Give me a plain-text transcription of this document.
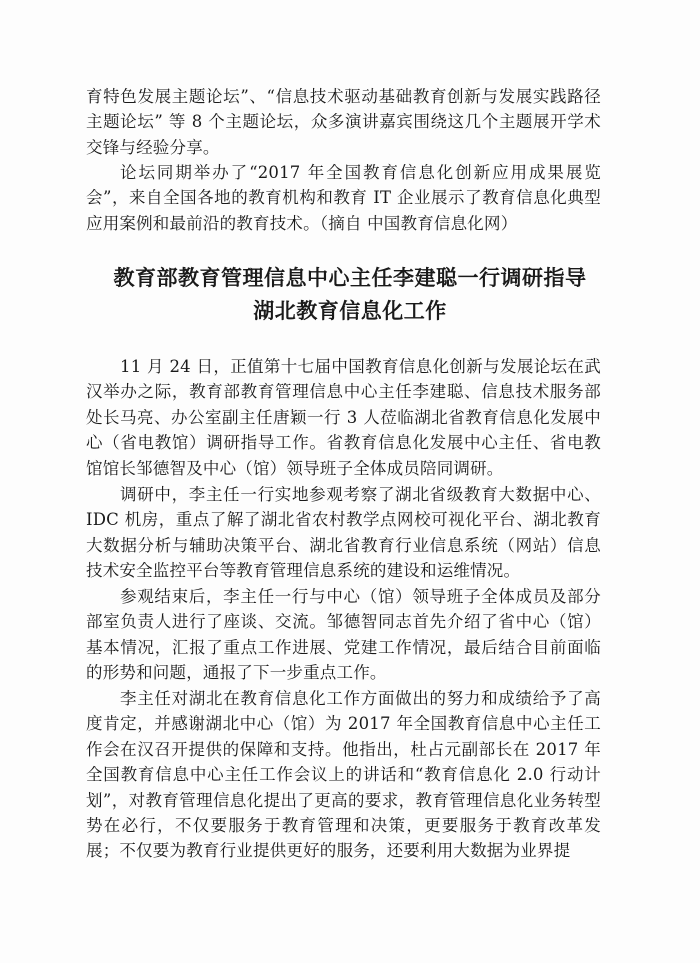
育特色发展主题论坛”、“信息技术驱动基础教育创新与发展实践路径主题论坛” 等 8 个主题论坛，众多演讲嘉宾围绕这几个主题展开学术交锋与经验分享。

论坛同期举办了“2017 年全国教育信息化创新应用成果展览会”，来自全国各地的教育机构和教育 IT 企业展示了教育信息化典型应用案例和最前沿的教育技术。（摘自 中国教育信息化网）

教育部教育管理信息中心主任李建聪一行调研指导
湖北教育信息化工作

11 月 24 日，正值第十七届中国教育信息化创新与发展论坛在武汉举办之际，教育部教育管理信息中心主任李建聪、信息技术服务部处长马亮、办公室副主任唐颖一行 3 人莅临湖北省教育信息化发展中心（省电教馆）调研指导工作。省教育信息化发展中心主任、省电教馆馆长邹德智及中心（馆）领导班子全体成员陪同调研。

调研中，李主任一行实地参观考察了湖北省级教育大数据中心、IDC 机房，重点了解了湖北省农村教学点网校可视化平台、湖北教育大数据分析与辅助决策平台、湖北省教育行业信息系统（网站）信息技术安全监控平台等教育管理信息系统的建设和运维情况。

参观结束后，李主任一行与中心（馆）领导班子全体成员及部分部室负责人进行了座谈、交流。邹德智同志首先介绍了省中心（馆）基本情况，汇报了重点工作进展、党建工作情况，最后结合目前面临的形势和问题，通报了下一步重点工作。

李主任对湖北在教育信息化工作方面做出的努力和成绩给予了高度肯定，并感谢湖北中心（馆）为 2017 年全国教育信息中心主任工作会在汉召开提供的保障和支持。他指出，杜占元副部长在 2017 年全国教育信息中心主任工作会议上的讲话和“教育信息化 2.0 行动计划”，对教育管理信息化提出了更高的要求，教育管理信息化业务转型势在必行，不仅要服务于教育管理和决策，更要服务于教育改革发展；不仅要为教育行业提供更好的服务，还要利用大数据为业界提
